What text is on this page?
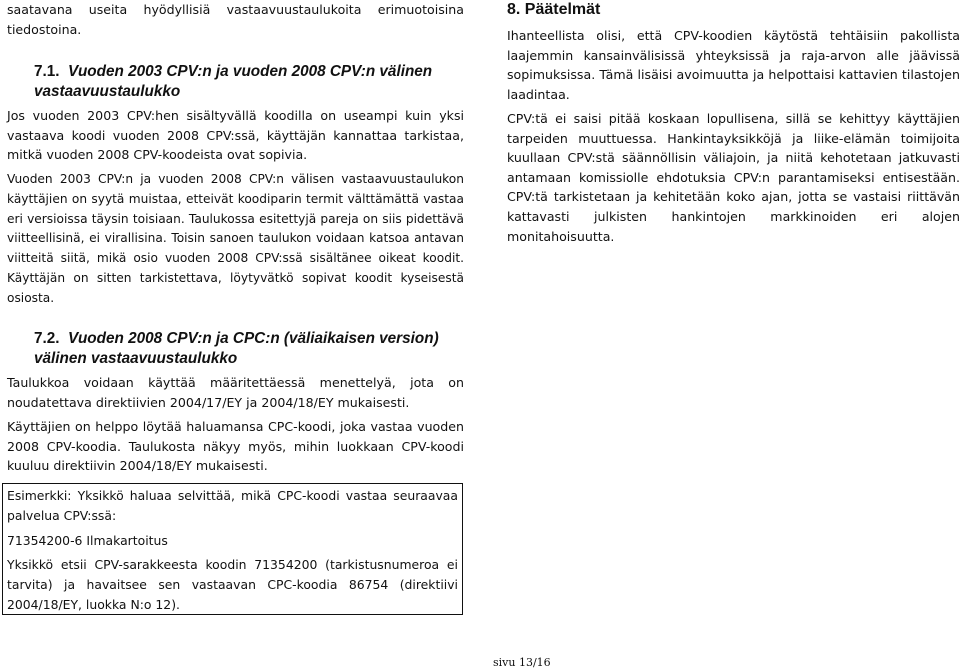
saatavana useita hyödyllisiä vastaavuustaulukoita erimuotoisina tiedostoina.

7.1. Vuoden 2003 CPV:n ja vuoden 2008 CPV:n välinen vastaavuustaulukko

Jos vuoden 2003 CPV:hen sisältyvällä koodilla on useampi kuin yksi vastaava koodi vuoden 2008 CPV:ssä, käyttäjän kannattaa tarkistaa, mitkä vuoden 2008 CPV-koodeista ovat sopivia.

Vuoden 2003 CPV:n ja vuoden 2008 CPV:n välisen vastaavuustaulukon käyttäjien on syytä muistaa, etteivät koodiparin termit välttämättä vastaa eri versioissa täysin toisiaan. Taulukossa esitettyjä pareja on siis pidettävä viitteellisinä, ei virallisina. Toisin sanoen taulukon voidaan katsoa antavan viitteitä siitä, mikä osio vuoden 2008 CPV:ssä sisältänee oikeat koodit. Käyttäjän on sitten tarkistettava, löytyvätkö sopivat koodit kyseisestä osiosta.

7.2. Vuoden 2008 CPV:n ja CPC:n (väliaikaisen version)
välinen vastaavuustaulukko

Taulukkoa voidaan käyttää määritettäessä menettelyä, jota on noudatettava direktiivien 2004/17/EY ja 2004/18/EY mukaisesti.

Käyttäjien on helppo löytää haluamansa CPC-koodi, joka vastaa vuoden 2008 CPV-koodia. Taulukosta näkyy myös, mihin luokkaan CPV-koodi kuuluu direktiivin 2004/18/EY mukaisesti.

Esimerkki: Yksikkö haluaa selvittää, mikä CPC-koodi vastaa seuraavaa palvelua CPV:ssä:

71354200-6 Ilmakartoitus

Yksikkö etsii CPV-sarakkeesta koodin 71354200 (tarkistusnumeroa ei tarvita) ja havaitsee sen vastaavan CPC-koodia 86754 (direktiivi 2004/18/EY, luokka N:o 12).

8. Päätelmät

Ihanteellista olisi, että CPV-koodien käytöstä tehtäisiin pakollista laajemmin kansainvälisissä yhteyksissä ja raja-arvon alle jäävissä sopimuksissa. Tämä lisäisi avoimuutta ja helpottaisi kattavien tilastojen laadintaa.

CPV:tä ei saisi pitää koskaan lopullisena, sillä se kehittyy käyttäjien tarpeiden muuttuessa. Hankintayksikköjä ja liike-elämän toimijoita kuullaan CPV:stä säännöllisin väliajoin, ja niitä kehotetaan jatkuvasti antamaan komissiolle ehdotuksia CPV:n parantamiseksi entisestään. CPV:tä tarkistetaan ja kehitetään koko ajan, jotta se vastaisi riittävän kattavasti julkisten hankintojen markkinoiden eri alojen monitahoisuutta.

sivu 13/16
